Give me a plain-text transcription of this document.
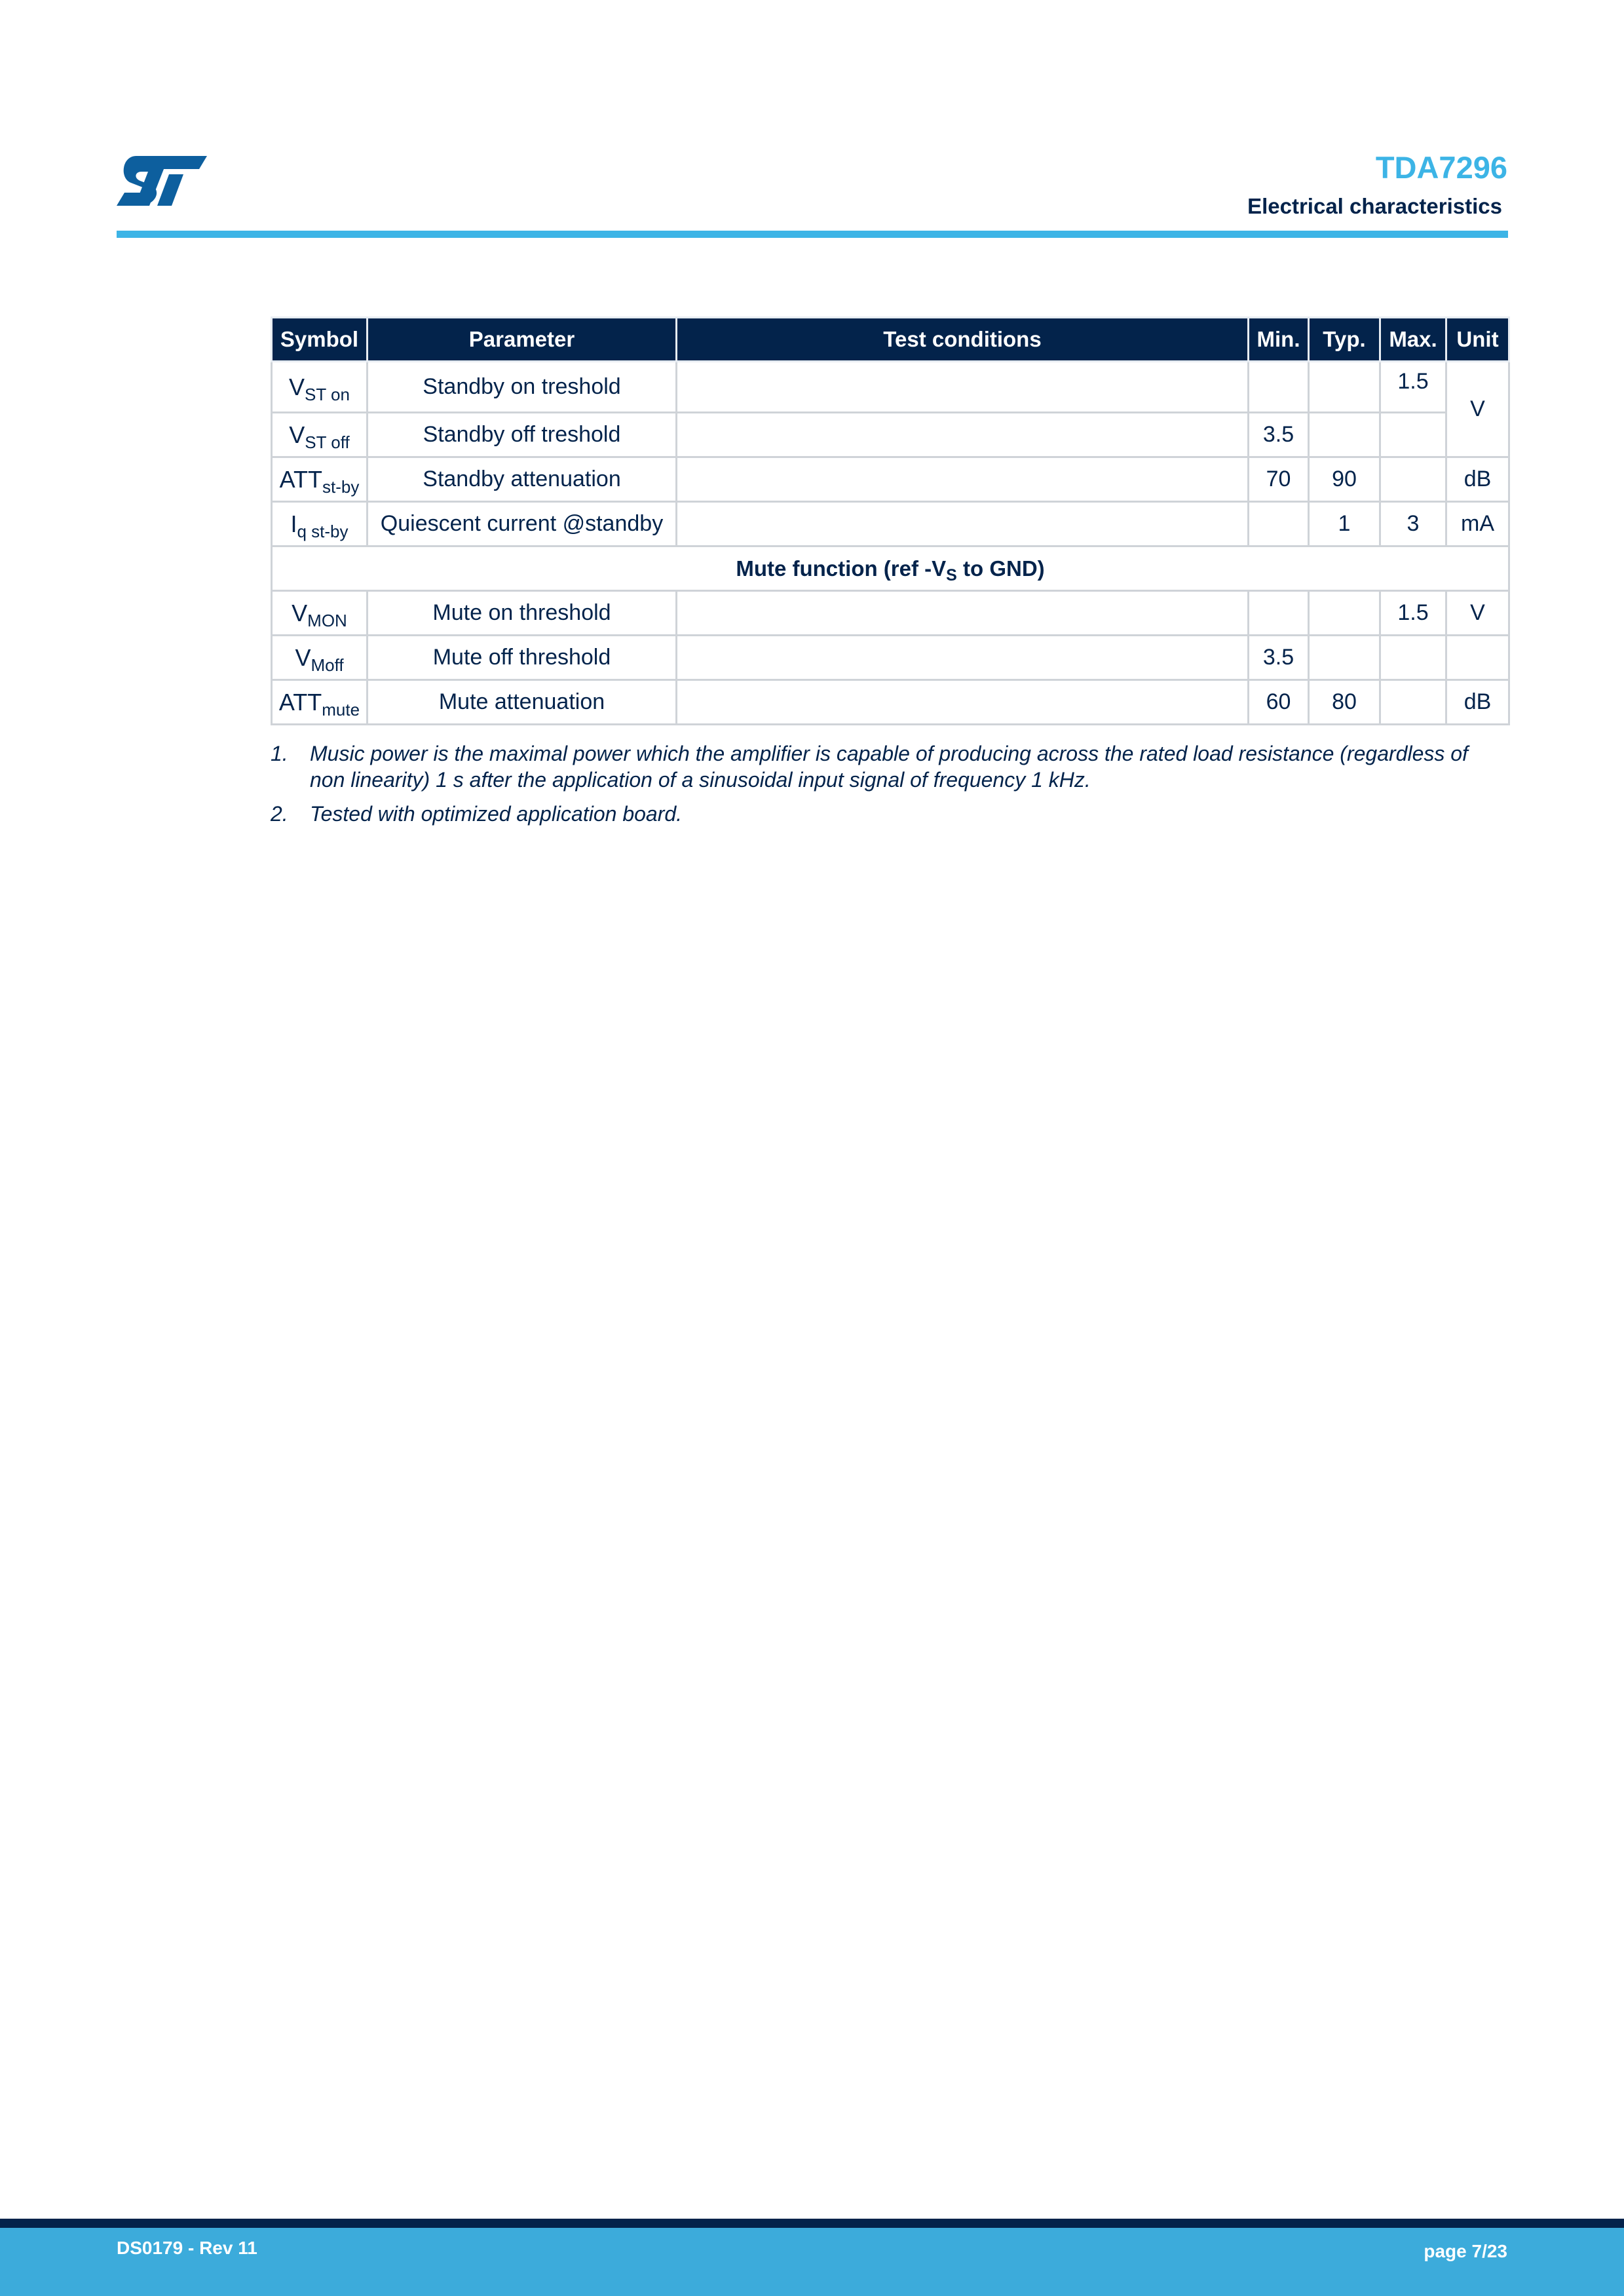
TDA7296
Electrical characteristics
Symbol	Parameter	Test conditions	Min.	Typ.	Max.	Unit
$V_{ST on}$	Standby on treshold				1.5	V
$V_{ST off}$	Standby off treshold		3.5			
$ATT_{st-by}$	Standby attenuation		70	90		dB
$I_{q st-by}$	Quiescent current @standby			1	3	mA
Mute function (ref $-V_S$ to GND)						
$V_{MON}$	Mute on threshold				1.5	V
$V_{Moff}$	Mute off threshold		3.5			
$ATT_{mute}$	Mute attenuation		60	80		dB
1. Music power is the maximal power which the amplifier is capable of producing across the rated load resistance (regardless of non linearity) 1 s after the application of a sinusoidal input signal of frequency 1 kHz.
2. Tested with optimized application board.
DS0179 - Rev 11	page 7/23
